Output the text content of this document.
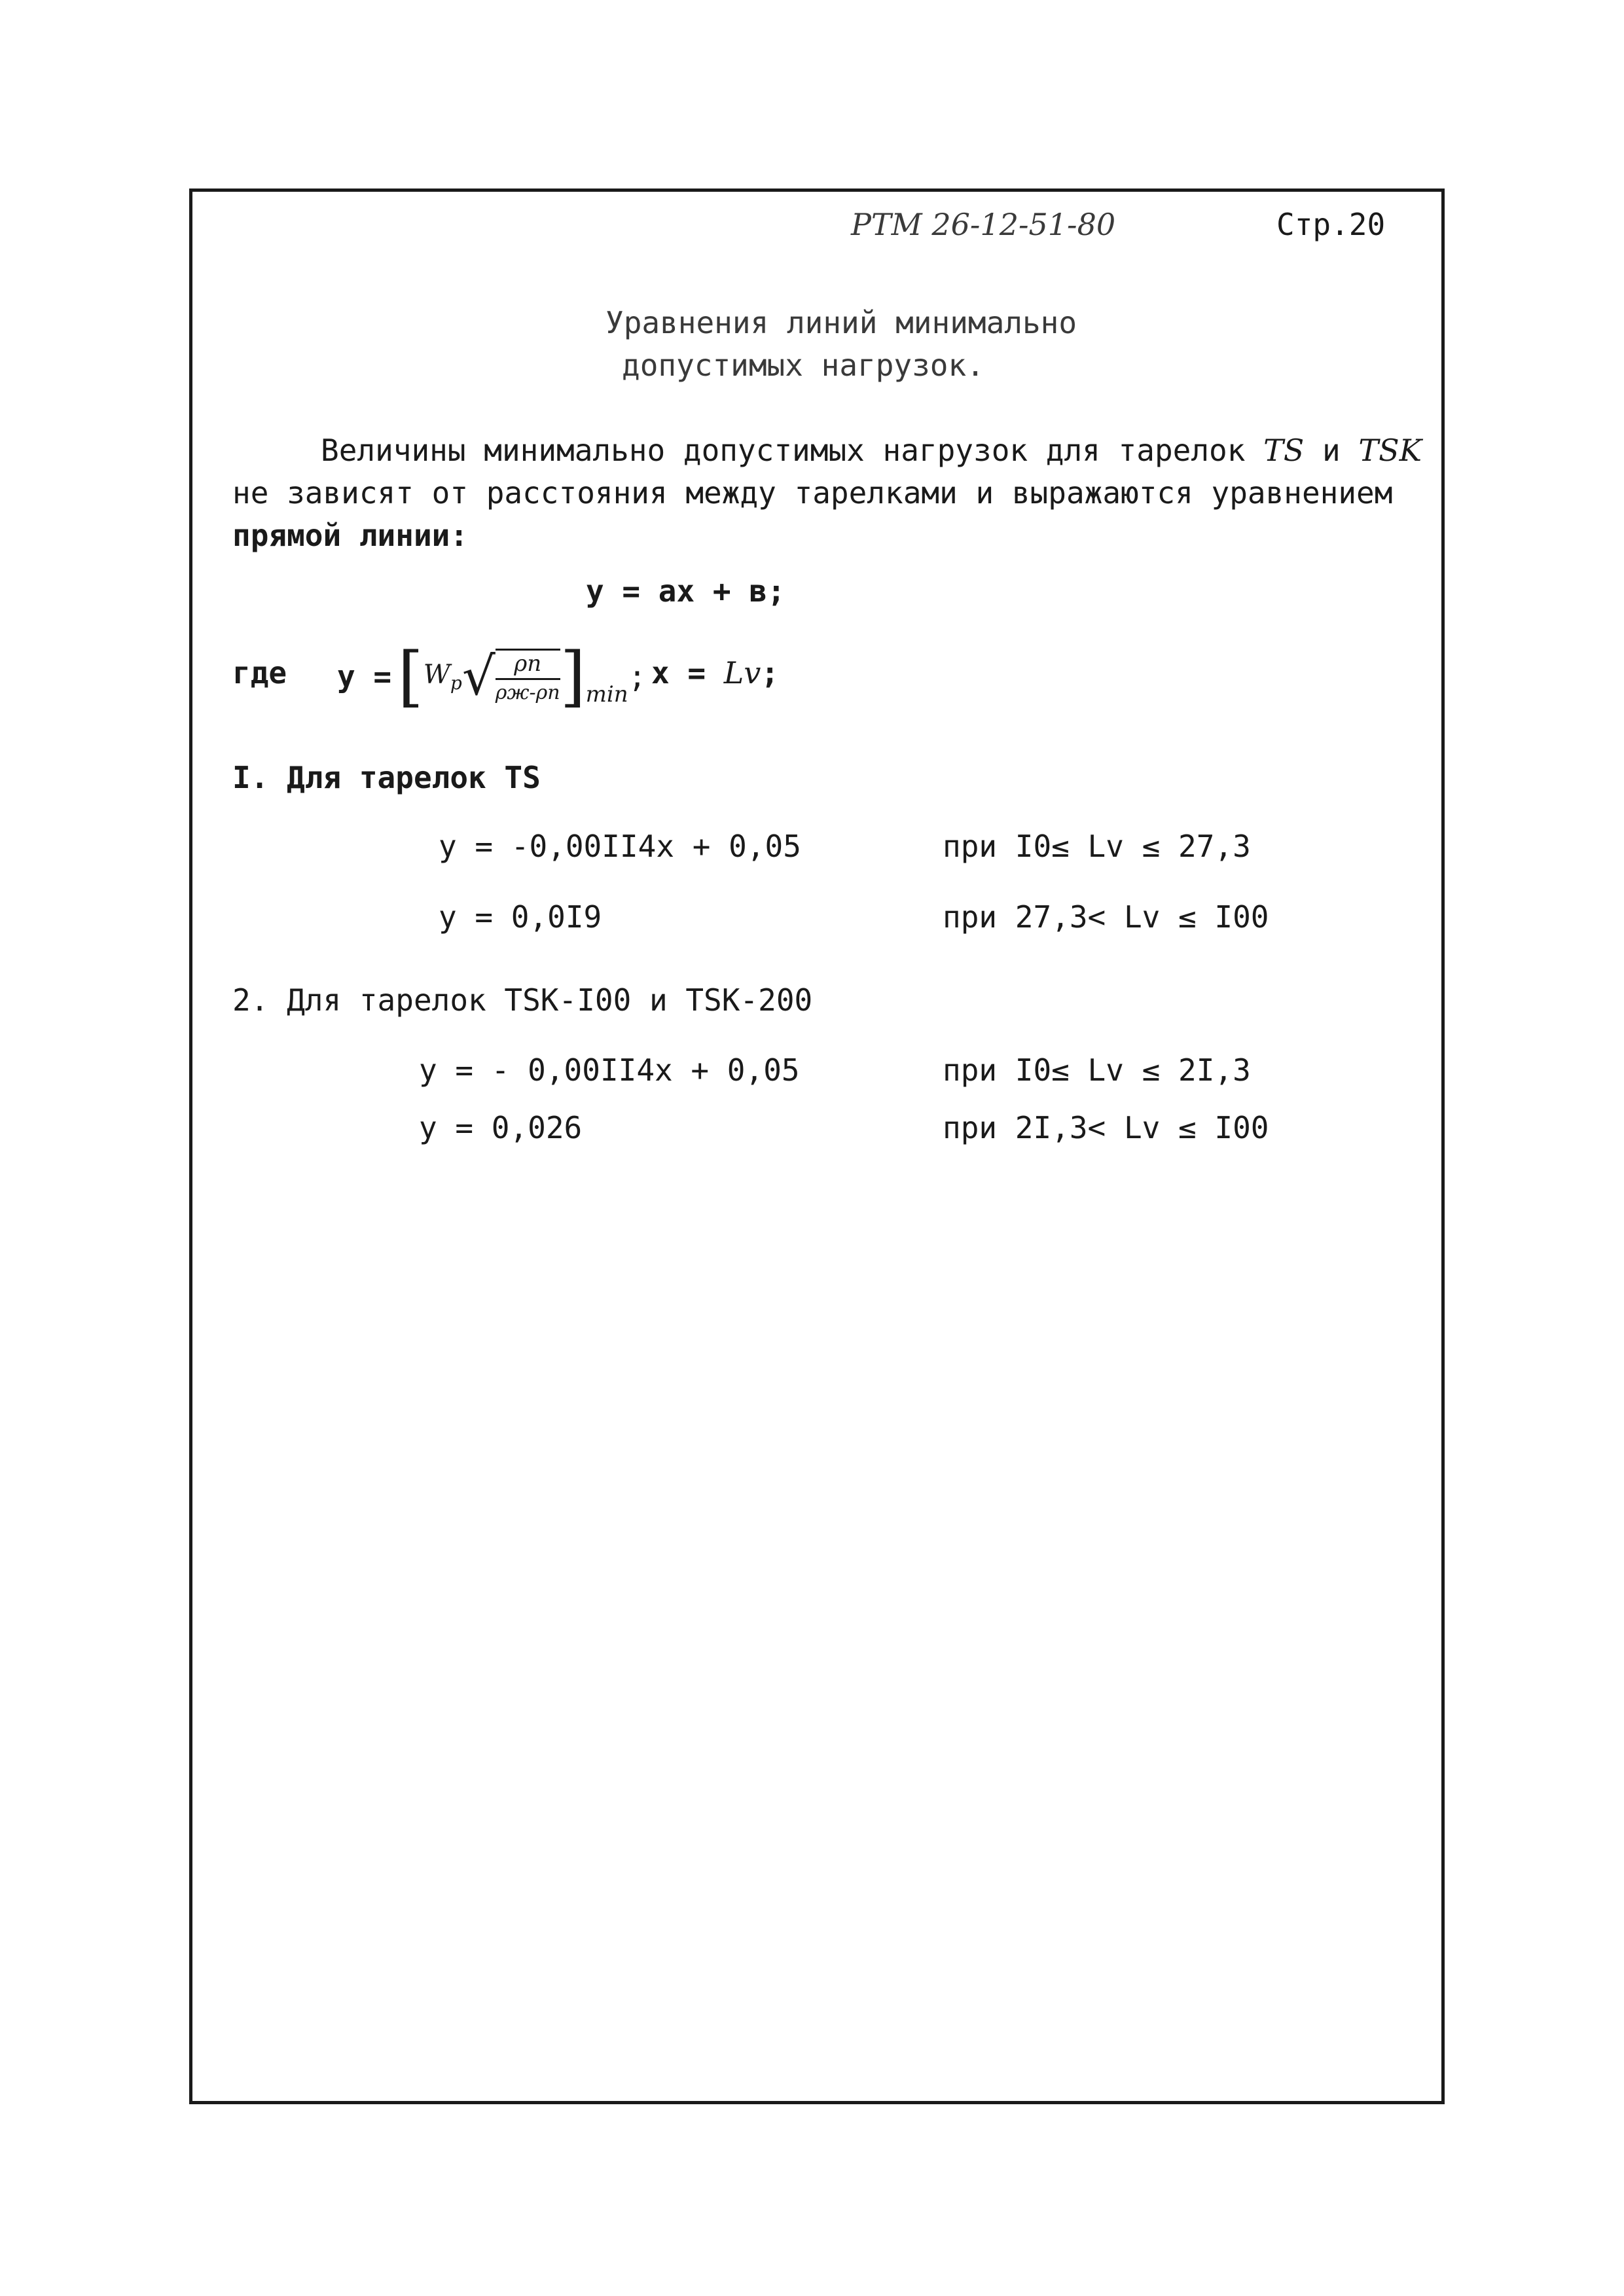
РТМ 26-12-51-80	Стр.20
Уравнения линий минимально
допустимых нагрузок.
Величины минимально допустимых нагрузок для тарелок TS и TSK
не зависят от расстояния между тарелками и выражаются уравнением
прямой линии:
у = ах + в;
где $у = [W_p√ \frac{\rho п}{\rho ж-\rho п} ]\min$; x = Lv;
I. Для тарелок TS
у = -0,00II4x + 0,05	при I0≤ Lv ≤ 27,3
у = 0,0I9	при 27,3< Lv ≤ I00
2. Для тарелок TSK-I00 и TSK-200
у = - 0,00II4x + 0,05	при I0≤ Lv ≤ 2I,3
у = 0,026	при 2I,3< Lv ≤ I00
